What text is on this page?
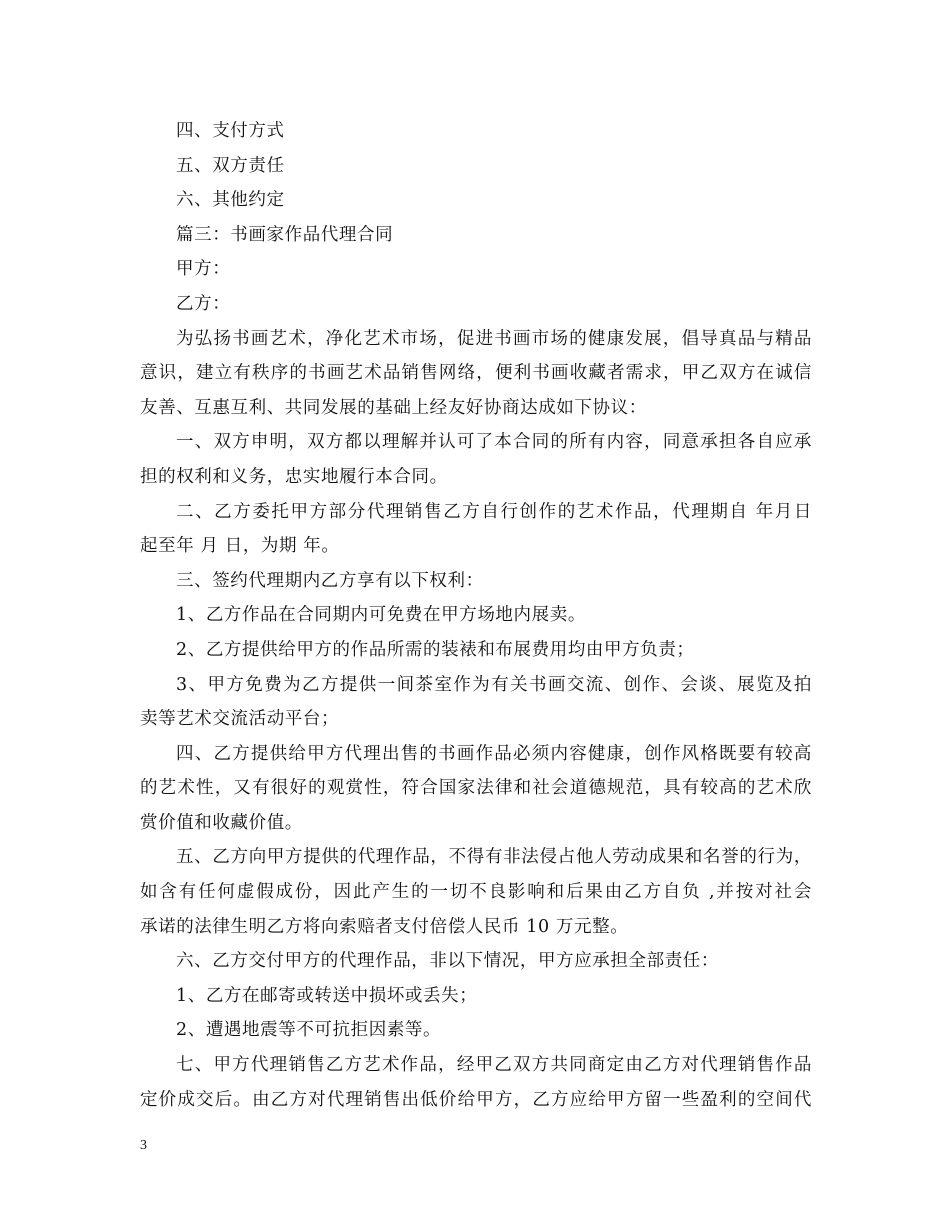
四、支付方式
五、双方责任
六、其他约定
篇三：书画家作品代理合同
甲方：
乙方：
为弘扬书画艺术，净化艺术市场，促进书画市场的健康发展，倡导真品与精品
意识，建立有秩序的书画艺术品销售网络，便利书画收藏者需求，甲乙双方在诚信
友善、互惠互利、共同发展的基础上经友好协商达成如下协议：
一、双方申明，双方都以理解并认可了本合同的所有内容，同意承担各自应承
担的权利和义务，忠实地履行本合同。
二、乙方委托甲方部分代理销售乙方自行创作的艺术作品，代理期自 年月日
起至年 月 日，为期 年。
三、签约代理期内乙方享有以下权利：
1、乙方作品在合同期内可免费在甲方场地内展卖。
2、乙方提供给甲方的作品所需的装裱和布展费用均由甲方负责；
3、甲方免费为乙方提供一间茶室作为有关书画交流、创作、会谈、展览及拍
卖等艺术交流活动平台；
四、乙方提供给甲方代理出售的书画作品必须内容健康，创作风格既要有较高
的艺术性，又有很好的观赏性，符合国家法律和社会道德规范，具有较高的艺术欣
赏价值和收藏价值。
五、乙方向甲方提供的代理作品，不得有非法侵占他人劳动成果和名誉的行为，
如含有任何虚假成份，因此产生的一切不良影响和后果由乙方自负 ,并按对社会
承诺的法律生明乙方将向索赔者支付倍偿人民币 10 万元整。
六、乙方交付甲方的代理作品，非以下情况，甲方应承担全部责任：
1、乙方在邮寄或转送中损坏或丢失；
2、遭遇地震等不可抗拒因素等。
七、甲方代理销售乙方艺术作品，经甲乙双方共同商定由乙方对代理销售作品
定价成交后。由乙方对代理销售出低价给甲方，乙方应给甲方留一些盈利的空间代
3
